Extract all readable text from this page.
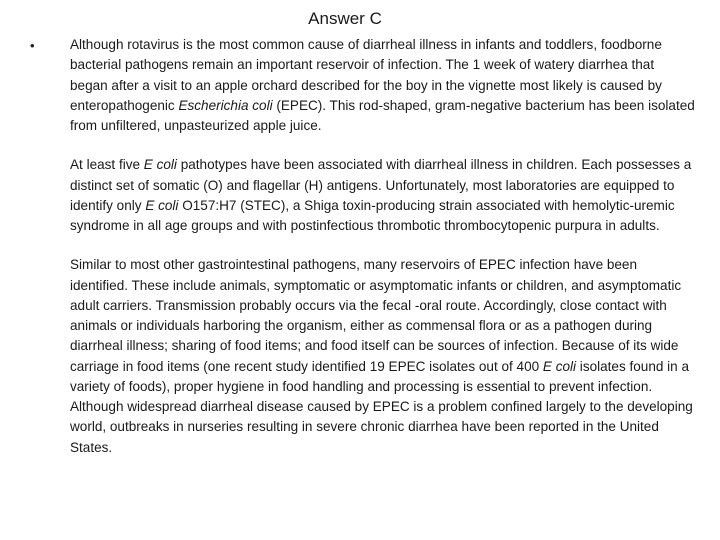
Answer C
•	Although rotavirus is the most common cause of diarrheal illness in infants and toddlers, foodborne bacterial pathogens remain an important reservoir of infection. The 1 week of watery diarrhea that began after a visit to an apple orchard described for the boy in the vignette most likely is caused by enteropathogenic Escherichia coli (EPEC). This rod-shaped, gram-negative bacterium has been isolated from unfiltered, unpasteurized apple juice.

At least five E coli pathotypes have been associated with diarrheal illness in children. Each possesses a distinct set of somatic (O) and flagellar (H) antigens. Unfortunately, most laboratories are equipped to identify only E coli O157:H7 (STEC), a Shiga toxin-producing strain associated with hemolytic-uremic syndrome in all age groups and with postinfectious thrombotic thrombocytopenic purpura in adults.

Similar to most other gastrointestinal pathogens, many reservoirs of EPEC infection have been identified. These include animals, symptomatic or asymptomatic infants or children, and asymptomatic adult carriers. Transmission probably occurs via the fecal -oral route. Accordingly, close contact with animals or individuals harboring the organism, either as commensal flora or as a pathogen during diarrheal illness; sharing of food items; and food itself can be sources of infection. Because of its wide carriage in food items (one recent study identified 19 EPEC isolates out of 400 E coli isolates found in a variety of foods), proper hygiene in food handling and processing is essential to prevent infection. Although widespread diarrheal disease caused by EPEC is a problem confined largely to the developing world, outbreaks in nurseries resulting in severe chronic diarrhea have been reported in the United States.
